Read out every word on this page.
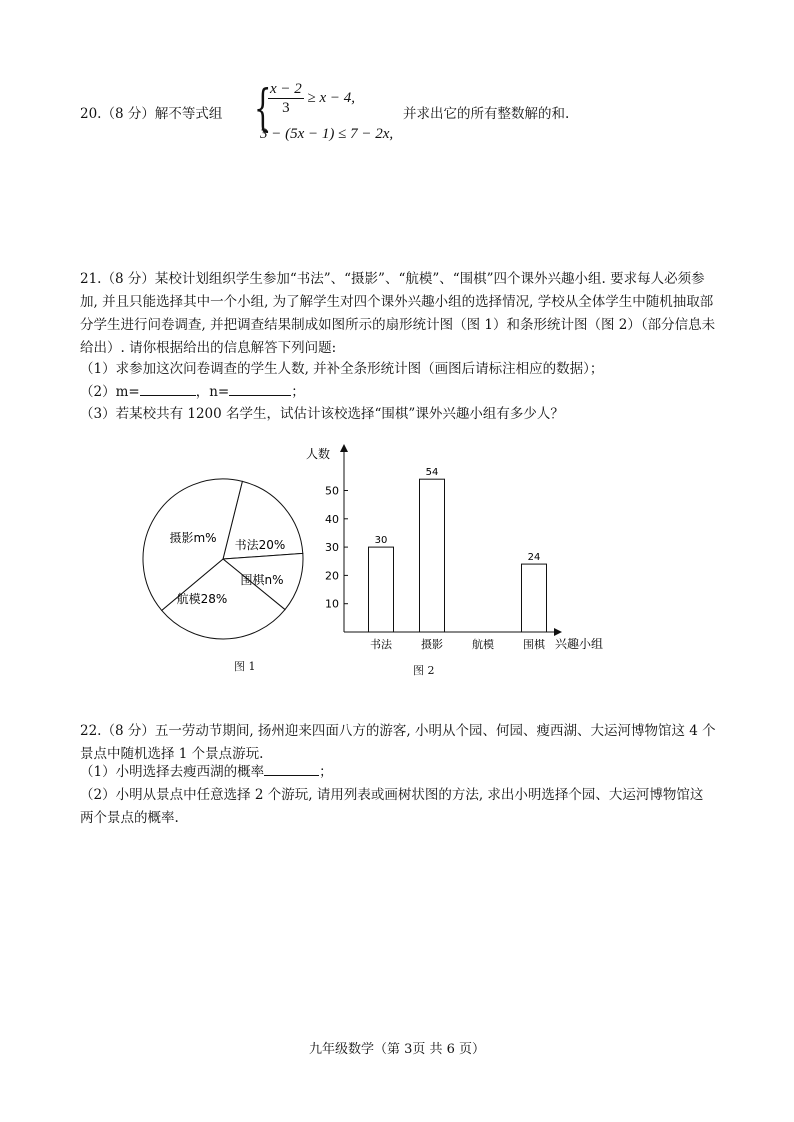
20.（8 分）解不等式组 {
$\frac{x - 2}{3} \ge x - 4$,
3 − (5x − 1) ≤ 7 − 2x,
并求出它的所有整数解的和.
21.（8 分）某校计划组织学生参加“书法”、“摄影”、“航模”、“围棋”四个课外兴趣小组. 要求每人必须参加, 并且只能选择其中一个小组, 为了解学生对四个课外兴趣小组的选择情况, 学校从全体学生中随机抽取部分学生进行问卷调查, 并把调查结果制成如图所示的扇形统计图（图 1）和条形统计图（图 2）（部分信息未给出）. 请你根据给出的信息解答下列问题:
（1）求参加这次问卷调查的学生人数, 并补全条形统计图（画图后请标注相应的数据）；
（2）m=	，n=	；
（3）若某校共有 1200 名学生，试估计该校选择“围棋”课外兴趣小组有多少人？
书法20%
围棋n%
航模28%
摄影m%
图 1
人数
兴趣小组
10
20
30
40
50
30
书法
54
摄影	航模
24
围棋
图 2
22.（8 分）五一劳动节期间, 扬州迎来四面八方的游客, 小明从个园、何园、瘦西湖、大运河博物馆这 4 个景点中随机选择 1 个景点游玩.
（1）小明选择去瘦西湖的概率	；
（2）小明从景点中任意选择 2 个游玩, 请用列表或画树状图的方法, 求出小明选择个园、大运河博物馆这两个景点的概率.
九年级数学（第 3页 共 6 页）
